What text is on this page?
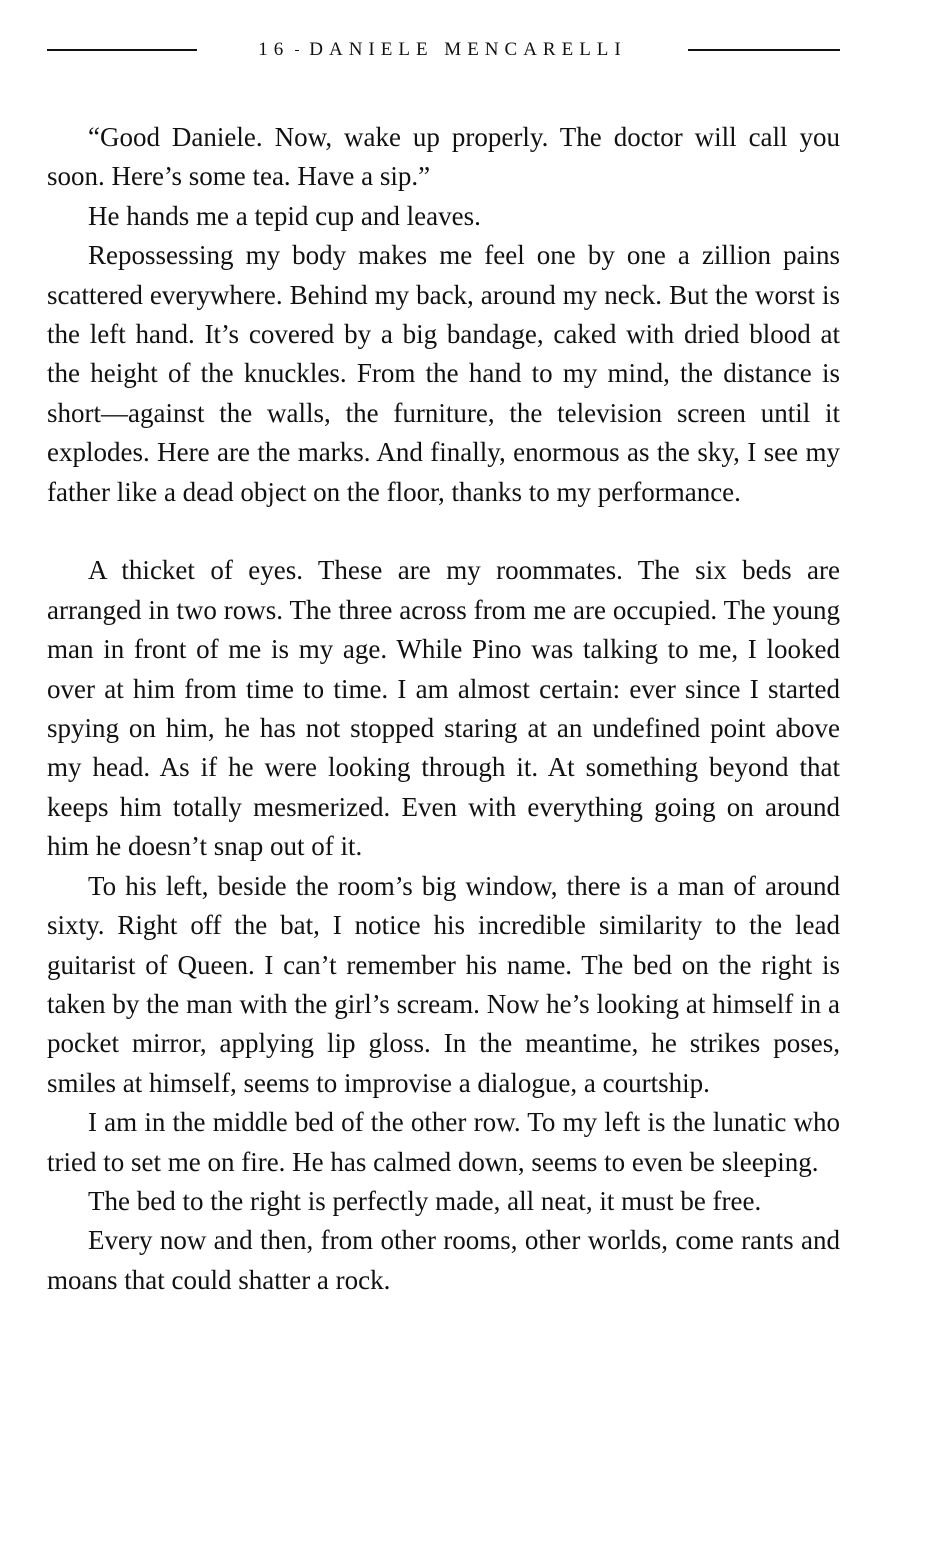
16 DANIELE MENCARELLI

“Good Daniele. Now, wake up properly. The doctor will call you soon. Here’s some tea. Have a sip.”

He hands me a tepid cup and leaves.

Repossessing my body makes me feel one by one a zillion pains scattered everywhere. Behind my back, around my neck. But the worst is the left hand. It’s covered by a big bandage, caked with dried blood at the height of the knuckles. From the hand to my mind, the distance is short—against the walls, the furniture, the television screen until it explodes. Here are the marks. And finally, enormous as the sky, I see my father like a dead object on the floor, thanks to my performance.

A thicket of eyes. These are my roommates. The six beds are arranged in two rows. The three across from me are occupied. The young man in front of me is my age. While Pino was talking to me, I looked over at him from time to time. I am almost certain: ever since I started spying on him, he has not stopped staring at an undefined point above my head. As if he were looking through it. At something beyond that keeps him totally mesmerized. Even with everything going on around him he doesn’t snap out of it.

To his left, beside the room’s big window, there is a man of around sixty. Right off the bat, I notice his incredible similarity to the lead guitarist of Queen. I can’t remember his name. The bed on the right is taken by the man with the girl’s scream. Now he’s looking at himself in a pocket mirror, applying lip gloss. In the meantime, he strikes poses, smiles at himself, seems to improvise a dialogue, a courtship.

I am in the middle bed of the other row. To my left is the lunatic who tried to set me on fire. He has calmed down, seems to even be sleeping.

The bed to the right is perfectly made, all neat, it must be free.

Every now and then, from other rooms, other worlds, come rants and moans that could shatter a rock.
